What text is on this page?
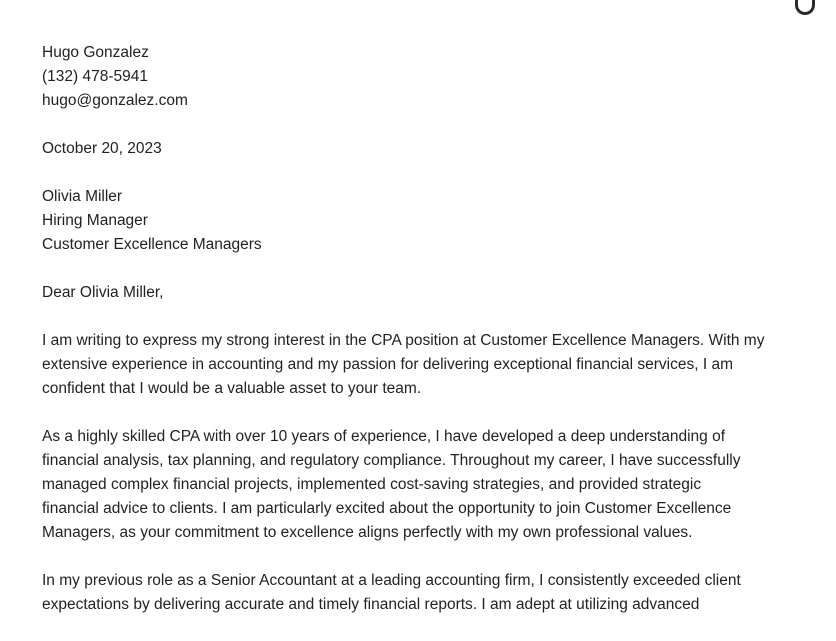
Hugo Gonzalez
(132) 478-5941
hugo@gonzalez.com
October 20, 2023
Olivia Miller
Hiring Manager
Customer Excellence Managers
Dear Olivia Miller,
I am writing to express my strong interest in the CPA position at Customer Excellence Managers. With my
extensive experience in accounting and my passion for delivering exceptional financial services, I am
confident that I would be a valuable asset to your team.
As a highly skilled CPA with over 10 years of experience, I have developed a deep understanding of
financial analysis, tax planning, and regulatory compliance. Throughout my career, I have successfully
managed complex financial projects, implemented cost-saving strategies, and provided strategic
financial advice to clients. I am particularly excited about the opportunity to join Customer Excellence
Managers, as your commitment to excellence aligns perfectly with my own professional values.
In my previous role as a Senior Accountant at a leading accounting firm, I consistently exceeded client
expectations by delivering accurate and timely financial reports. I am adept at utilizing advanced
